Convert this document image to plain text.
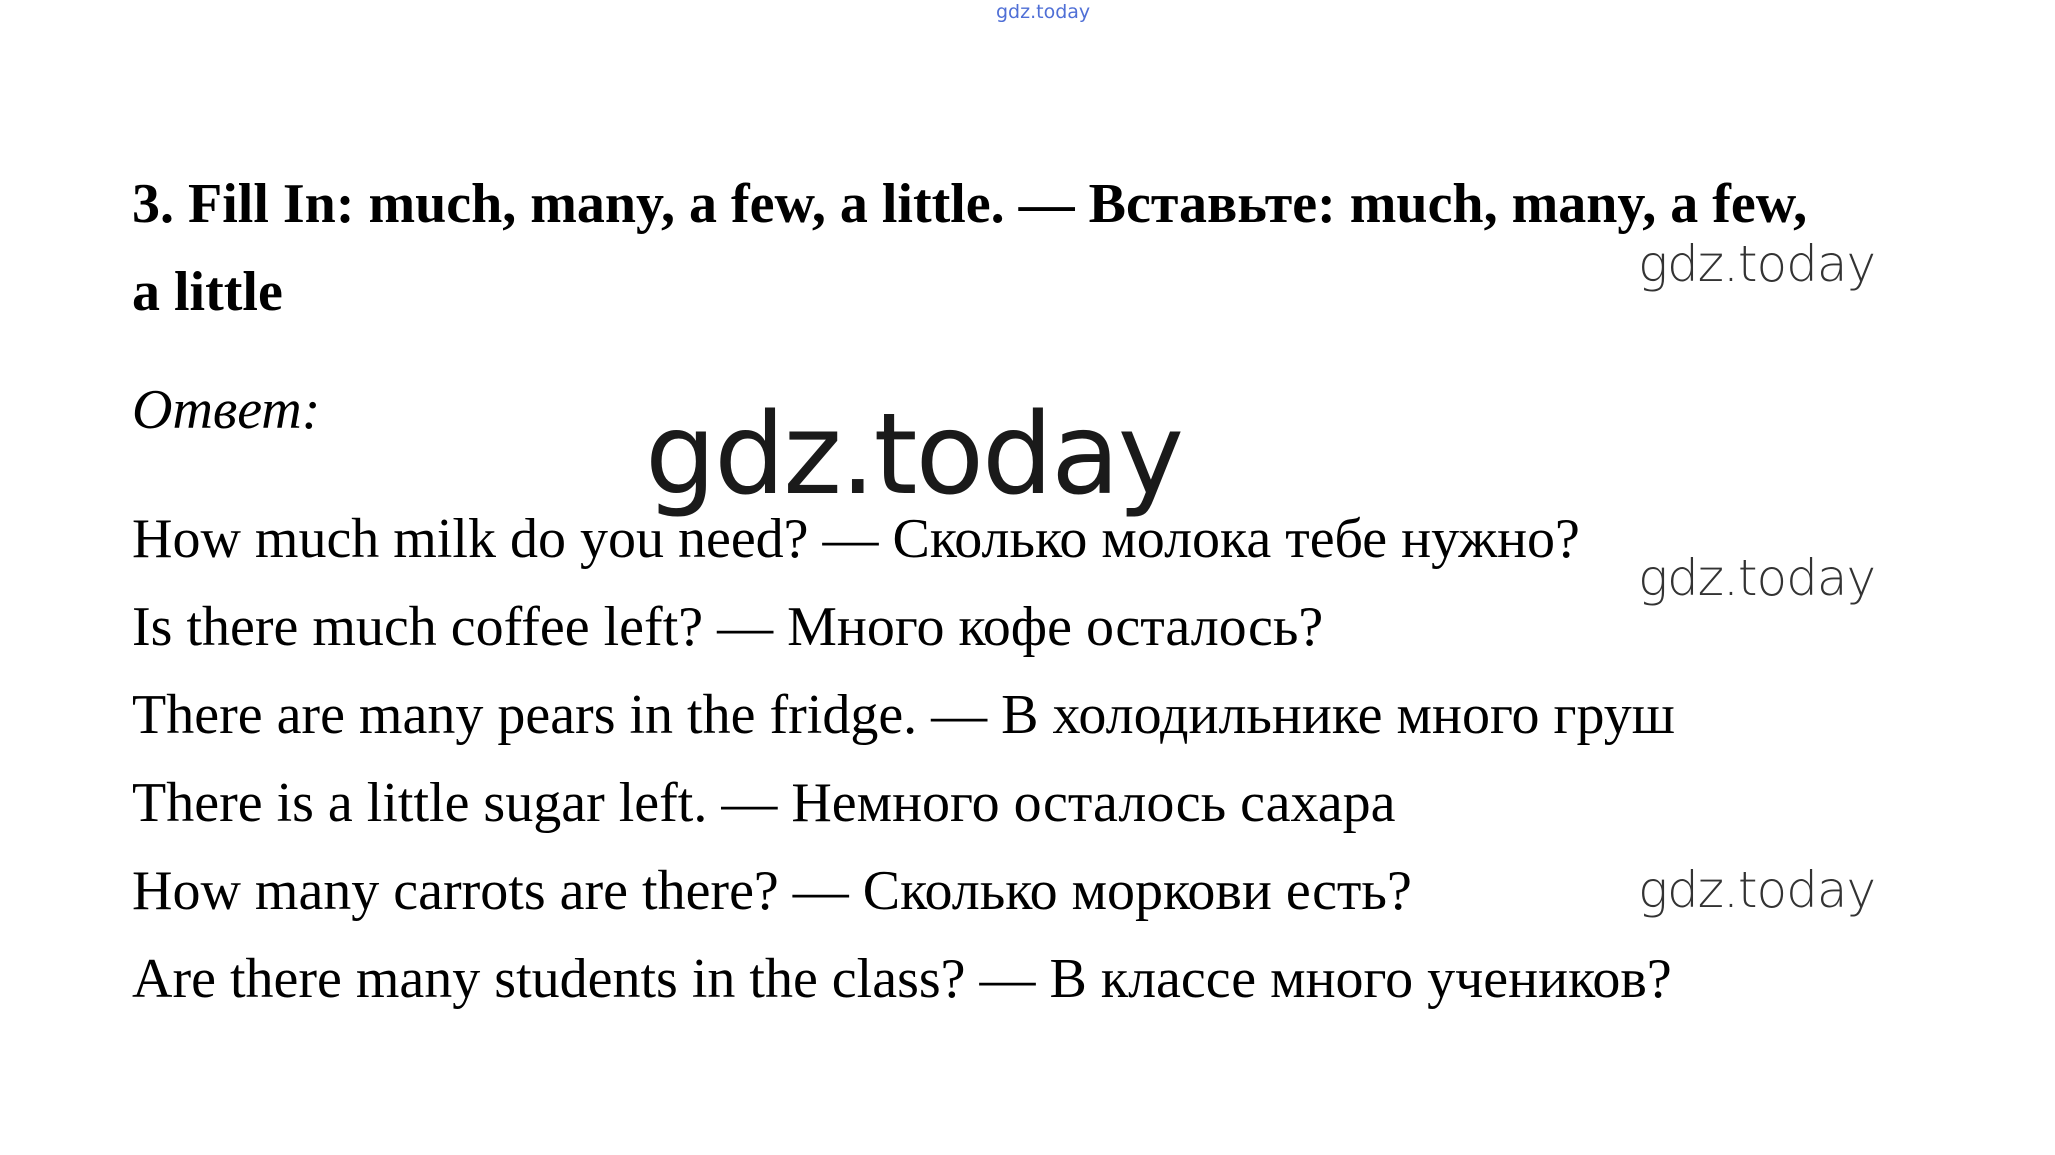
gdz.today
3. Fill In: much, many, a few, a little. — Вставьте: much, many, a few,
a little
Ответ:	gdz.today
gdz.today
gdz.today
gdz.today
How much milk do you need? — Сколько молока тебе нужно?
Is there much coffee left? — Много кофе осталось?
There are many pears in the fridge. — В холодильнике много груш
There is a little sugar left. — Немного осталось сахара
How many carrots are there? — Сколько моркови есть?
Are there many students in the class? — В классе много учеников?
